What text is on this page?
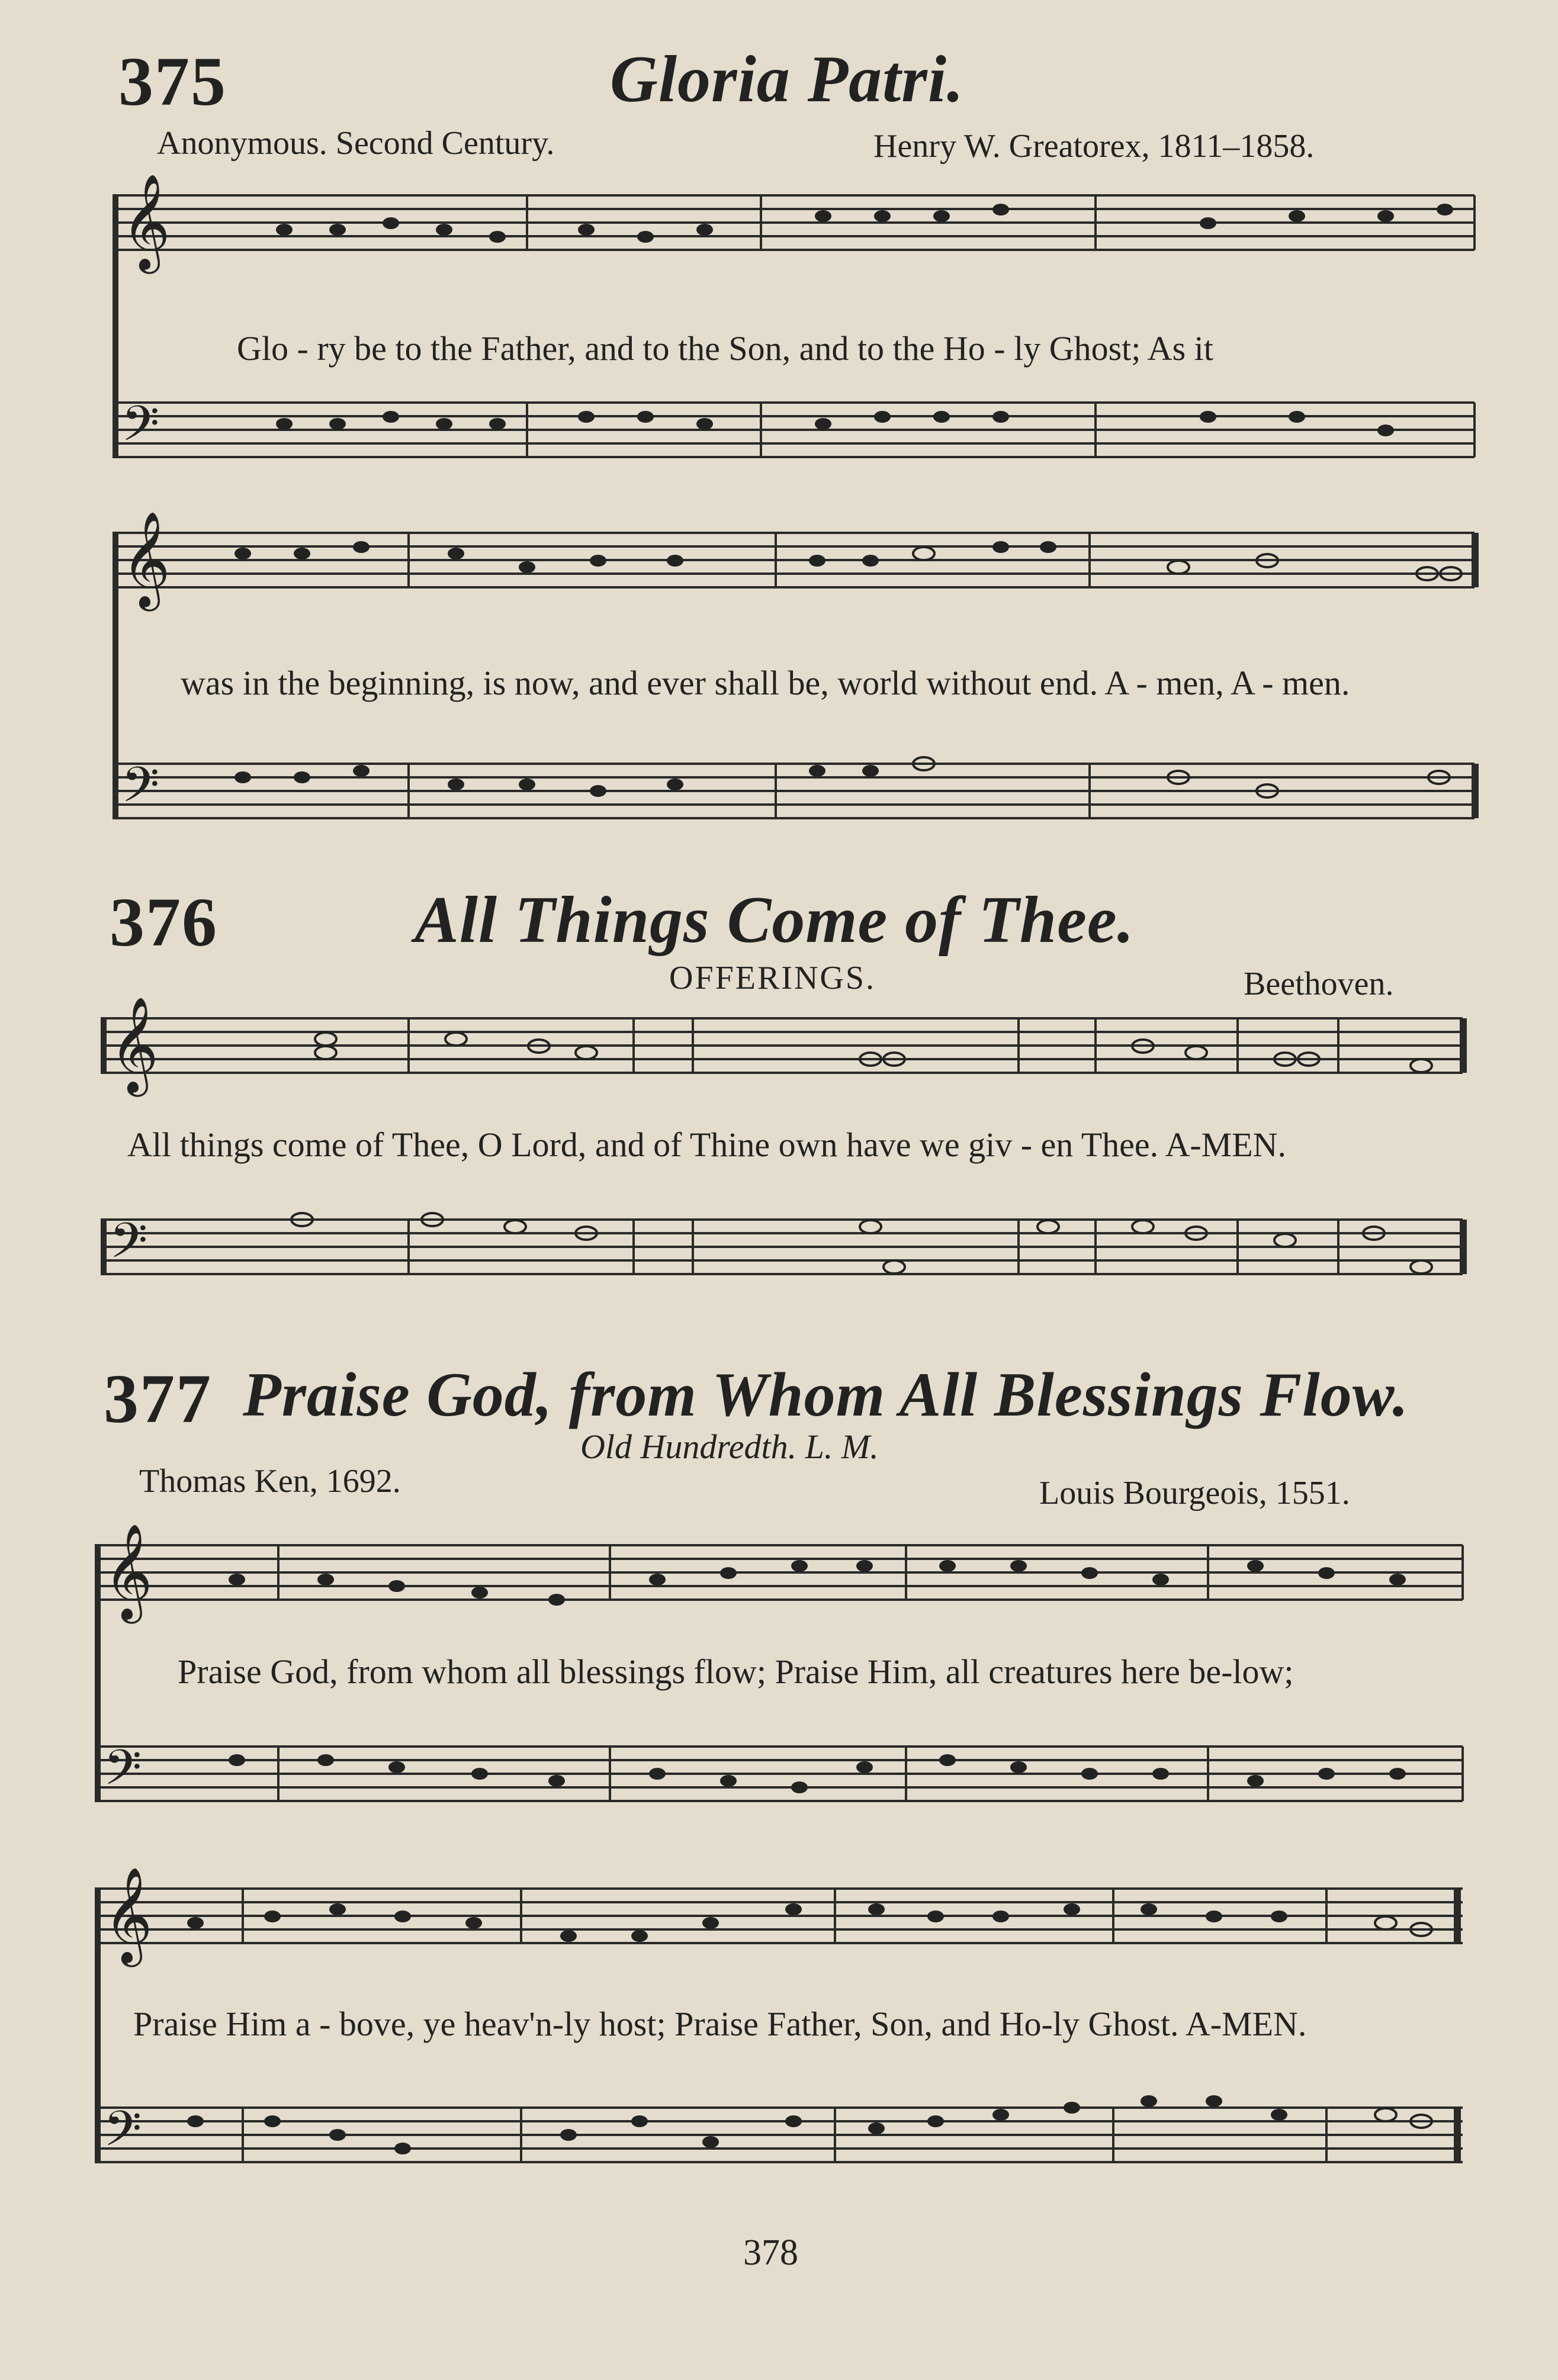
375	Gloria Patri.
Anonymous. Second Century.	Henry W. Greatorex, 1811–1858.
𝄞
𝄢
Glo - ry be to the Father, and to the Son, and to the Ho - ly Ghost; As it
𝄞
𝄢
was in the beginning, is now, and ever shall be, world without end. A - men, A - men.
376	All Things Come of Thee.
OFFERINGS.	Beethoven.
𝄞
All things come of Thee, O Lord, and of Thine own have we giv - en Thee. A-MEN.
𝄢
377 Praise God, from Whom All Blessings Flow.
Old Hundredth. L. M.
Thomas Ken, 1692.	Louis Bourgeois, 1551.
𝄞
𝄢
Praise God, from whom all blessings flow; Praise Him, all creatures here be-low;
𝄞
𝄢
Praise Him a - bove, ye heav'n-ly host; Praise Father, Son, and Ho-ly Ghost. A-MEN.
378
